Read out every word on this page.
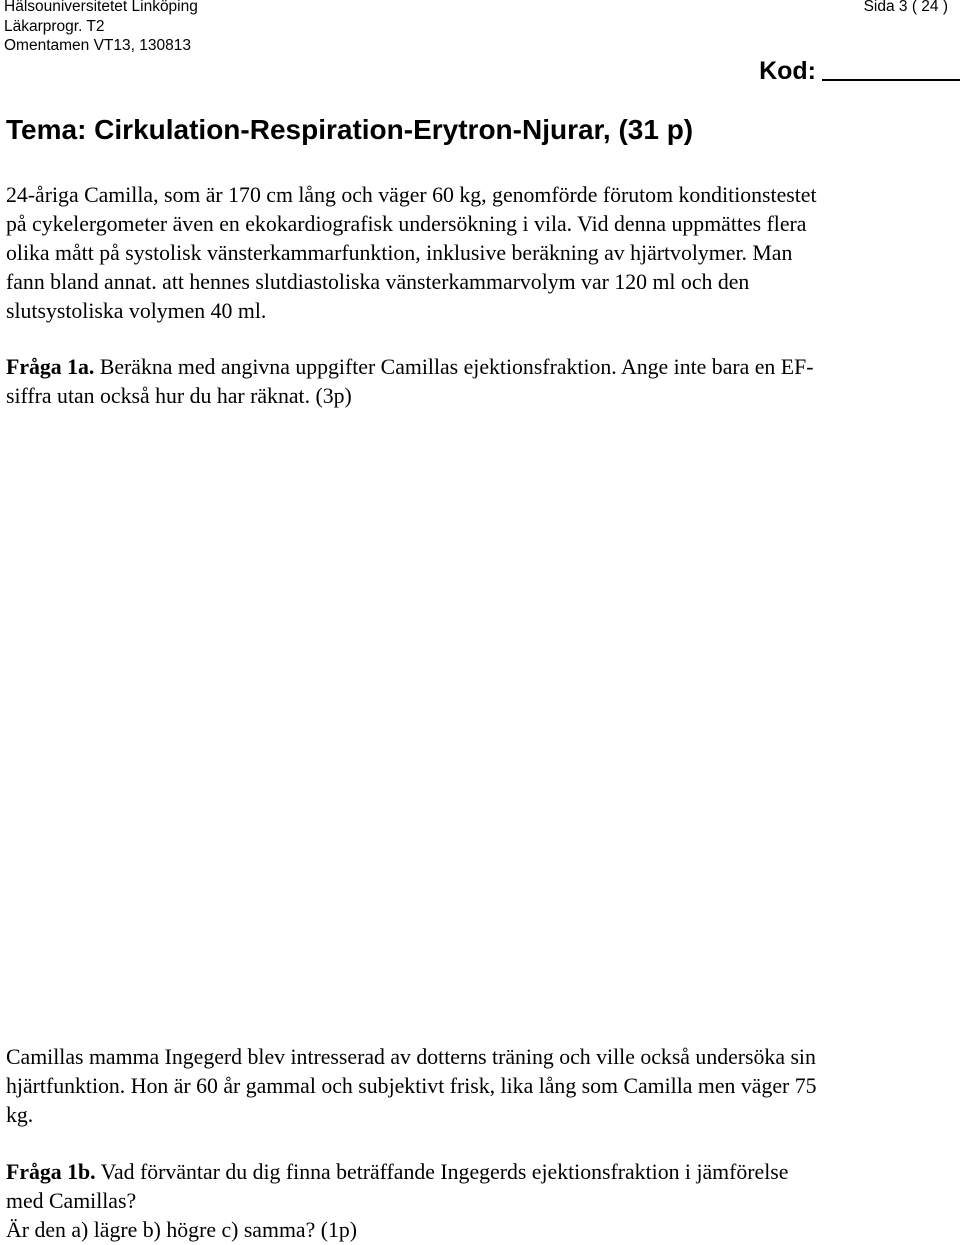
Hälsouniversitetet Linköping
Läkarprogr. T2
Omentamen VT13, 130813
Sida 3 ( 24 )
Kod:
Tema: Cirkulation-Respiration-Erytron-Njurar, (31 p)
24-åriga Camilla, som är 170 cm lång och väger 60 kg, genomförde förutom konditionstestet
på cykelergometer även en ekokardiografisk undersökning i vila. Vid denna uppmättes flera
olika mått på systolisk vänsterkammarfunktion, inklusive beräkning av hjärtvolymer. Man
fann bland annat. att hennes slutdiastoliska vänsterkammarvolym var 120 ml och den
slutsystoliska volymen 40 ml.
Fråga 1a. Beräkna med angivna uppgifter Camillas ejektionsfraktion. Ange inte bara en EF-
siffra utan också hur du har räknat. (3p)
Camillas mamma Ingegerd blev intresserad av dotterns träning och ville också undersöka sin
hjärtfunktion. Hon är 60 år gammal och subjektivt frisk, lika lång som Camilla men väger 75
kg.
Fråga 1b. Vad förväntar du dig finna beträffande Ingegerds ejektionsfraktion i jämförelse
med Camillas?
Är den a) lägre b) högre c) samma? (1p)
